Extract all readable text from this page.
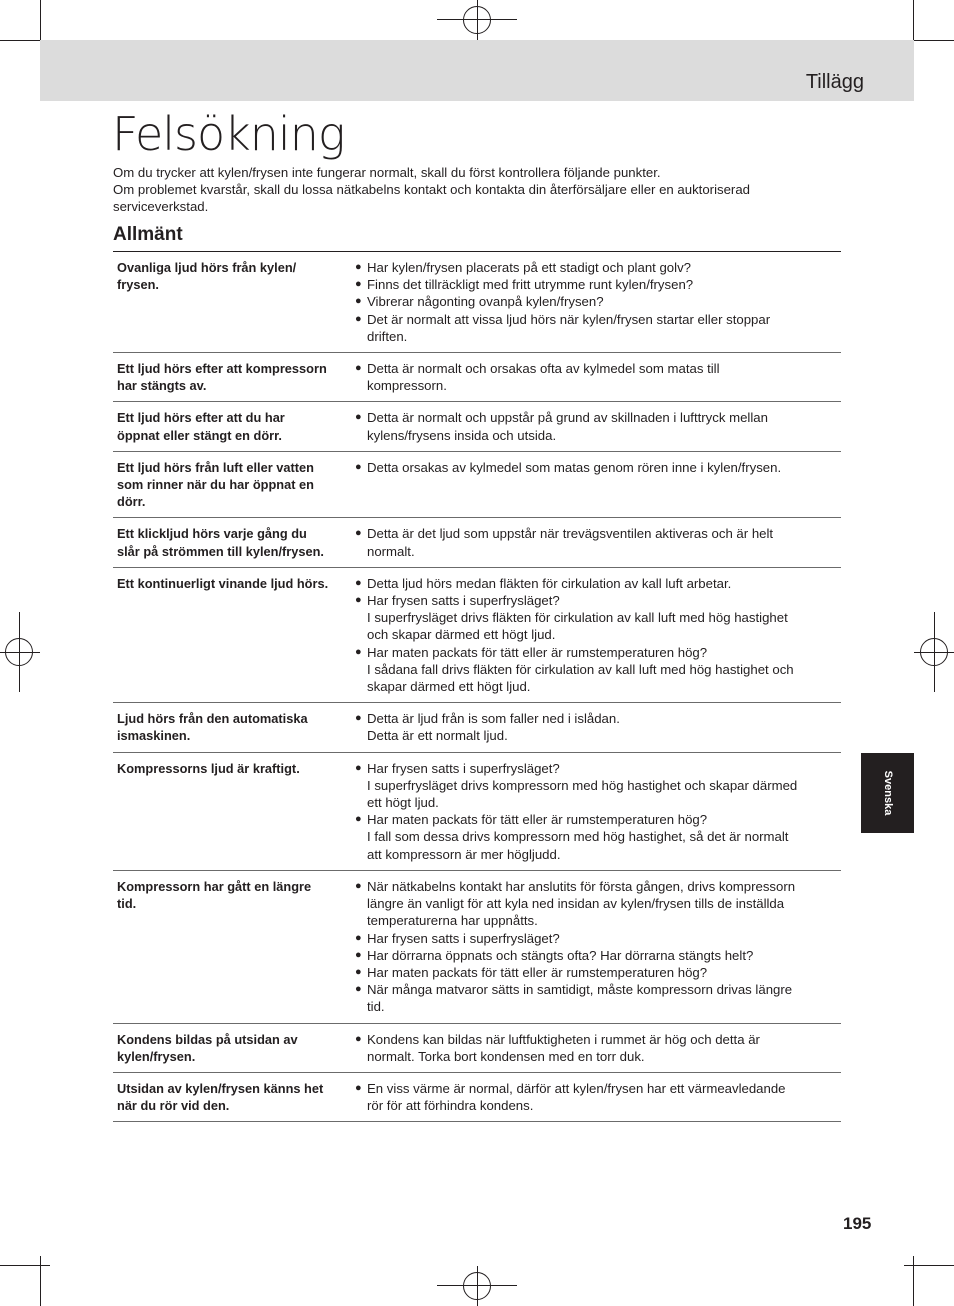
Tillägg
Felsökning

Om du trycker att kylen/frysen inte fungerar normalt, skall du först kontrollera följande punkter.

Om problemet kvarstår, skall du lossa nätkabelns kontakt och kontakta din återförsäljare eller en auktoriserad serviceverkstad.

Allmänt
Ovanliga ljud hörs från kylen/
frysen.
● Har kylen/frysen placerats på ett stadigt och plant golv?
● Finns det tillräckligt med fritt utrymme runt kylen/frysen?
● Vibrerar någonting ovanpå kylen/frysen?
● Det är normalt att vissa ljud hörs när kylen/frysen startar eller stoppar
driften.
Ett ljud hörs efter att kompressorn
har stängts av.
● Detta är normalt och orsakas ofta av kylmedel som matas till
kompressorn.
Ett ljud hörs efter att du har
öppnat eller stängt en dörr.
● Detta är normalt och uppstår på grund av skillnaden i lufttryck mellan
kylens/frysens insida och utsida.
Ett ljud hörs från luft eller vatten
som rinner när du har öppnat en
dörr.
● Detta orsakas av kylmedel som matas genom rören inne i kylen/frysen.
Ett klickljud hörs varje gång du
slår på strömmen till kylen/frysen.
● Detta är det ljud som uppstår när trevägsventilen aktiveras och är helt
normalt.
Ett kontinuerligt vinande ljud hörs.	● Detta ljud hörs medan fläkten för cirkulation av kall luft arbetar.
● Har frysen satts i superfrysläget?
I superfrysläget drivs fläkten för cirkulation av kall luft med hög hastighet
och skapar därmed ett högt ljud.
● Har maten packats för tätt eller är rumstemperaturen hög?
I sådana fall drivs fläkten för cirkulation av kall luft med hög hastighet och
skapar därmed ett högt ljud.
Ljud hörs från den automatiska
ismaskinen.
● Detta är ljud från is som faller ned i islådan.
Detta är ett normalt ljud.
Kompressorns ljud är kraftigt.	● Har frysen satts i superfrysläget?
I superfrysläget drivs kompressorn med hög hastighet och skapar därmed
ett högt ljud.
● Har maten packats för tätt eller är rumstemperaturen hög?
I fall som dessa drivs kompressorn med hög hastighet, så det är normalt
att kompressorn är mer högljudd.
Kompressorn har gått en längre
tid.
● När nätkabelns kontakt har anslutits för första gången, drivs kompressorn
längre än vanligt för att kyla ned insidan av kylen/frysen tills de inställda
temperaturerna har uppnåtts.
● Har frysen satts i superfrysläget?
● Har dörrarna öppnats och stängts ofta? Har dörrarna stängts helt?
● Har maten packats för tätt eller är rumstemperaturen hög?
● När många matvaror sätts in samtidigt, måste kompressorn drivas längre
tid.
Kondens bildas på utsidan av
kylen/frysen.
● Kondens kan bildas när luftfuktigheten i rummet är hög och detta är
normalt. Torka bort kondensen med en torr duk.
Utsidan av kylen/frysen känns het
när du rör vid den.
● En viss värme är normal, därför att kylen/frysen har ett värmeavledande
rör för att förhindra kondens.
Svenska
195
